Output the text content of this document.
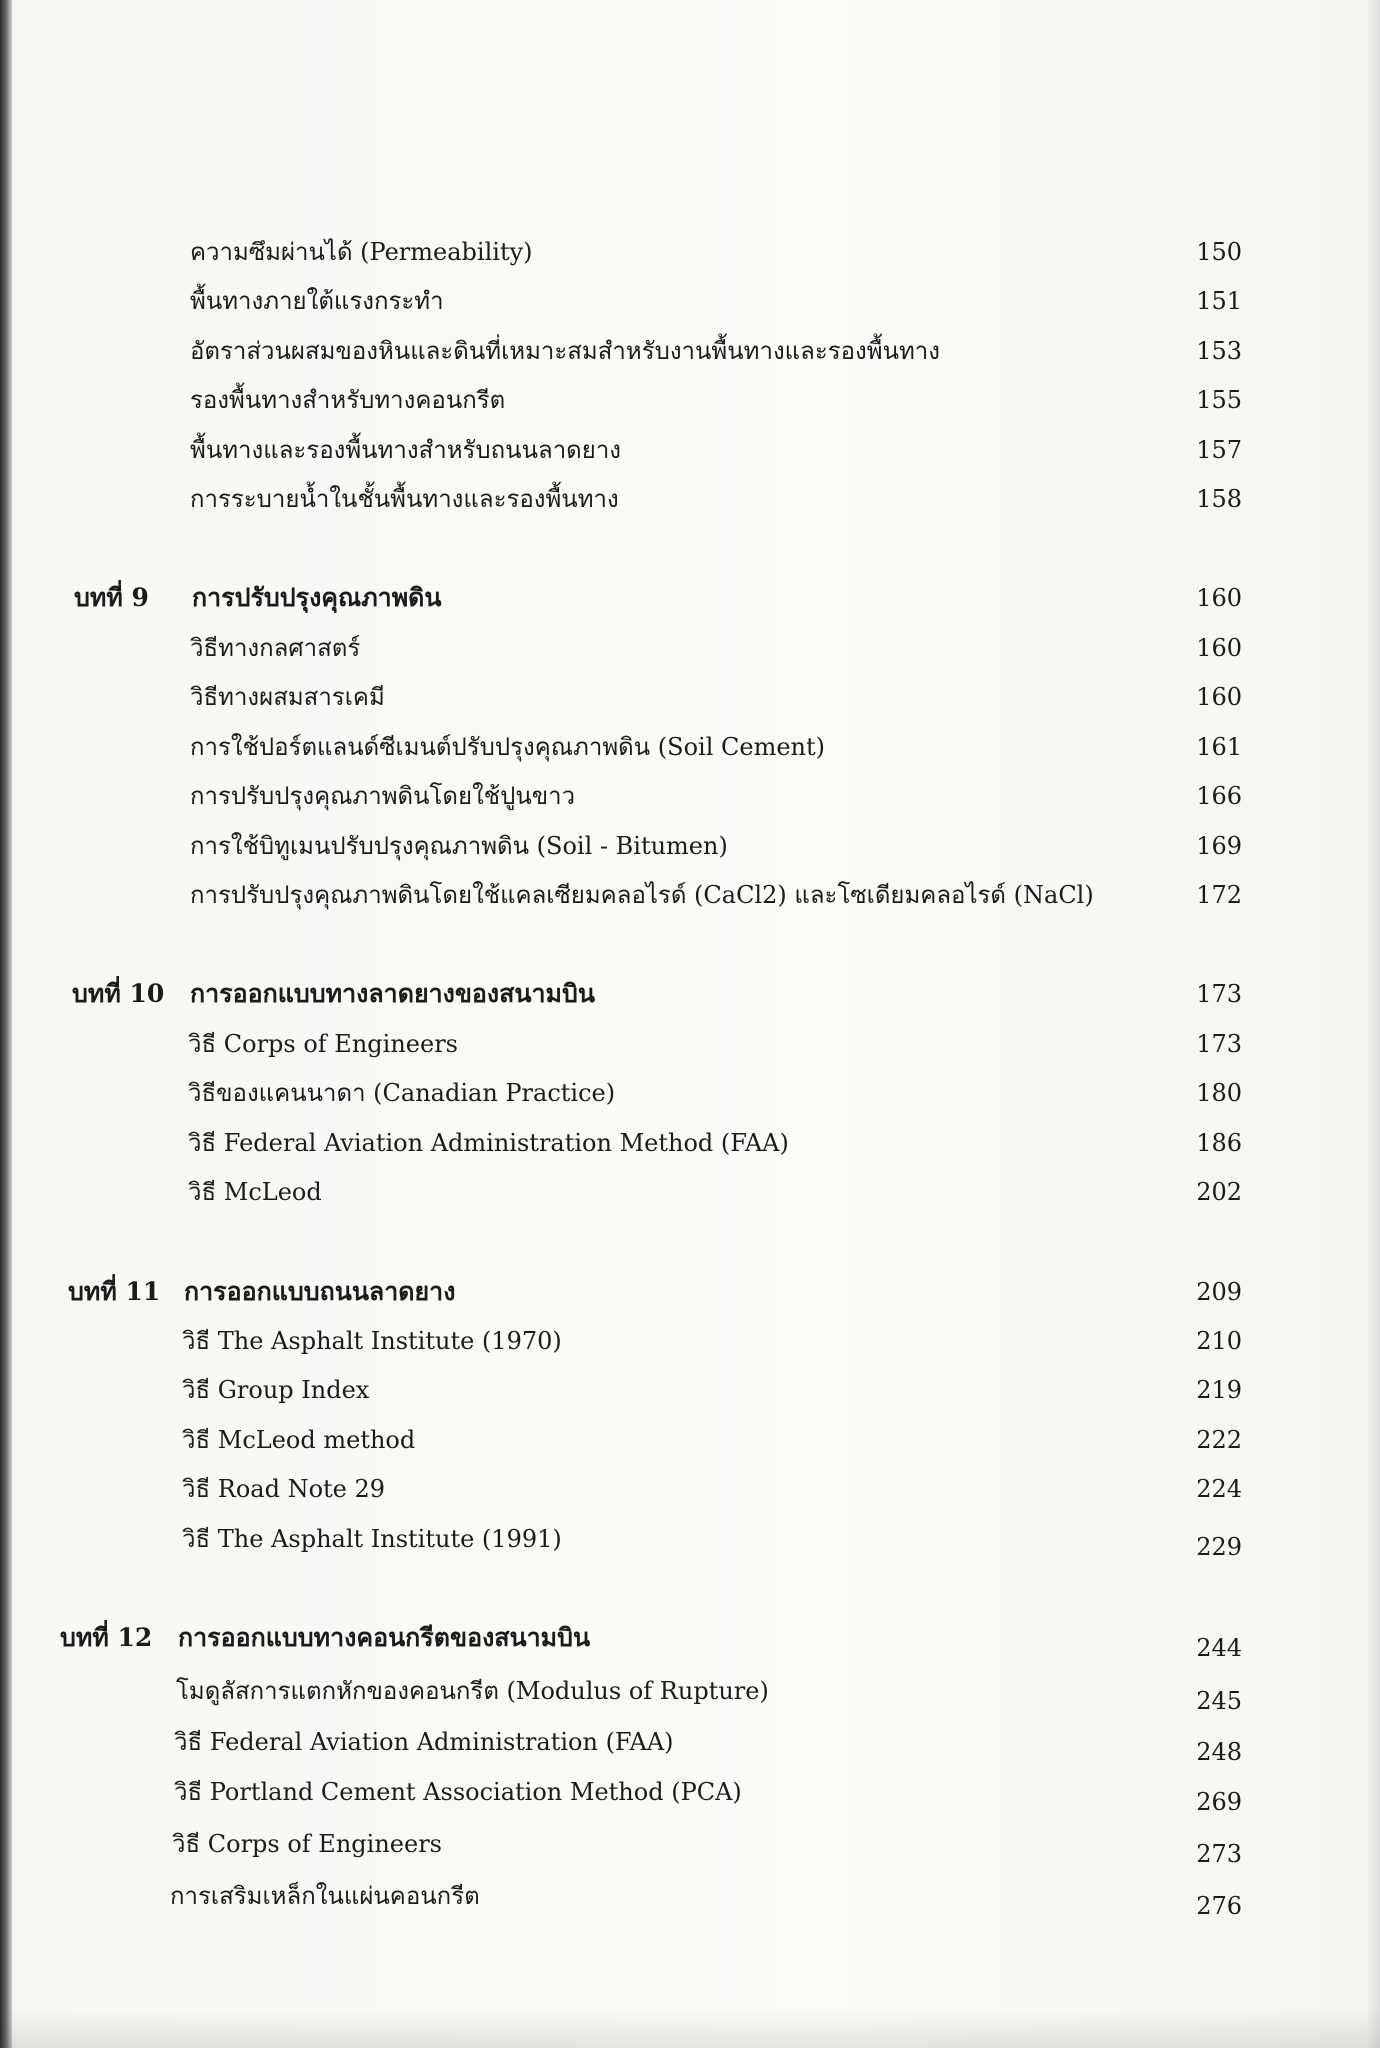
ความซึมผ่านได้ (Permeability)	150
พื้นทางภายใต้แรงกระทำ	151
อัตราส่วนผสมของหินและดินที่เหมาะสมสำหรับงานพื้นทางและรองพื้นทาง	153
รองพื้นทางสำหรับทางคอนกรีต	155
พื้นทางและรองพื้นทางสำหรับถนนลาดยาง	157
การระบายน้ำในชั้นพื้นทางและรองพื้นทาง	158
บทที่ 9 การปรับปรุงคุณภาพดิน	160
วิธีทางกลศาสตร์	160
วิธีทางผสมสารเคมี	160
การใช้ปอร์ตแลนด์ซีเมนต์ปรับปรุงคุณภาพดิน (Soil Cement)	161
การปรับปรุงคุณภาพดินโดยใช้ปูนขาว	166
การใช้บิทูเมนปรับปรุงคุณภาพดิน (Soil - Bitumen)	169
การปรับปรุงคุณภาพดินโดยใช้แคลเซียมคลอไรด์ (CaCl2) และโซเดียมคลอไรด์ (NaCl)	172
บทที่ 10 การออกแบบทางลาดยางของสนามบิน	173
วิธี Corps of Engineers	173
วิธีของแคนนาดา (Canadian Practice)	180
วิธี Federal Aviation Administration Method (FAA)	186
วิธี McLeod	202
บทที่ 11 การออกแบบถนนลาดยาง	209
วิธี The Asphalt Institute (1970)	210
วิธี Group Index	219
วิธี McLeod method	222
วิธี Road Note 29	224
วิธี The Asphalt Institute (1991)	229
บทที่ 12 การออกแบบทางคอนกรีตของสนามบิน	244
โมดูลัสการแตกหักของคอนกรีต (Modulus of Rupture)	245
วิธี Federal Aviation Administration (FAA)	248
วิธี Portland Cement Association Method (PCA)	269
วิธี Corps of Engineers	273
การเสริมเหล็กในแผ่นคอนกรีต	276
